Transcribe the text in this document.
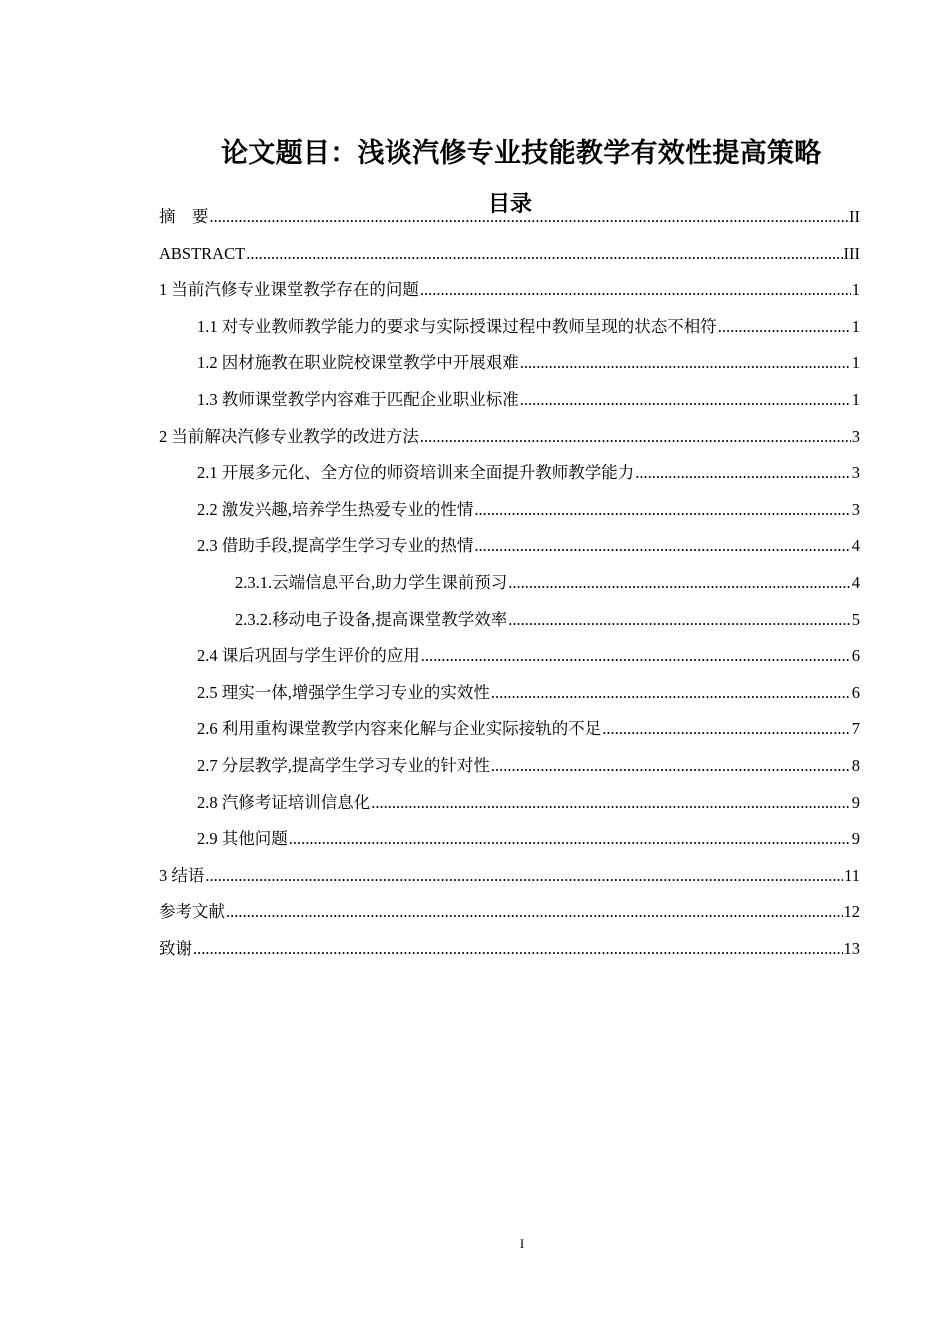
论文题目：浅谈汽修专业技能教学有效性提高策略
目录
摘　要 .....	II
ABSTRACT .....	III
1 当前汽修专业课堂教学存在的问题 .....	1
1.1 对专业教师教学能力的要求与实际授课过程中教师呈现的状态不相符 .....	1
1.2 因材施教在职业院校课堂教学中开展艰难 .....	1
1.3 教师课堂教学内容难于匹配企业职业标准 .....	1
2 当前解决汽修专业教学的改进方法 .....	3
2.1 开展多元化、全方位的师资培训来全面提升教师教学能力 .....	3
2.2 激发兴趣,培养学生热爱专业的性情 .....	3
2.3 借助手段,提高学生学习专业的热情 .....	4
2.3.1.云端信息平台,助力学生课前预习 .....	4
2.3.2.移动电子设备,提高课堂教学效率 .....	5
2.4 课后巩固与学生评价的应用 .....	6
2.5 理实一体,增强学生学习专业的实效性 .....	6
2.6 利用重构课堂教学内容来化解与企业实际接轨的不足 .....	7
2.7 分层教学,提高学生学习专业的针对性 .....	8
2.8 汽修考证培训信息化 .....	9
2.9 其他问题 .....	9
3 结语 .....	11
参考文献 .....	12
致谢 .....	13
I
